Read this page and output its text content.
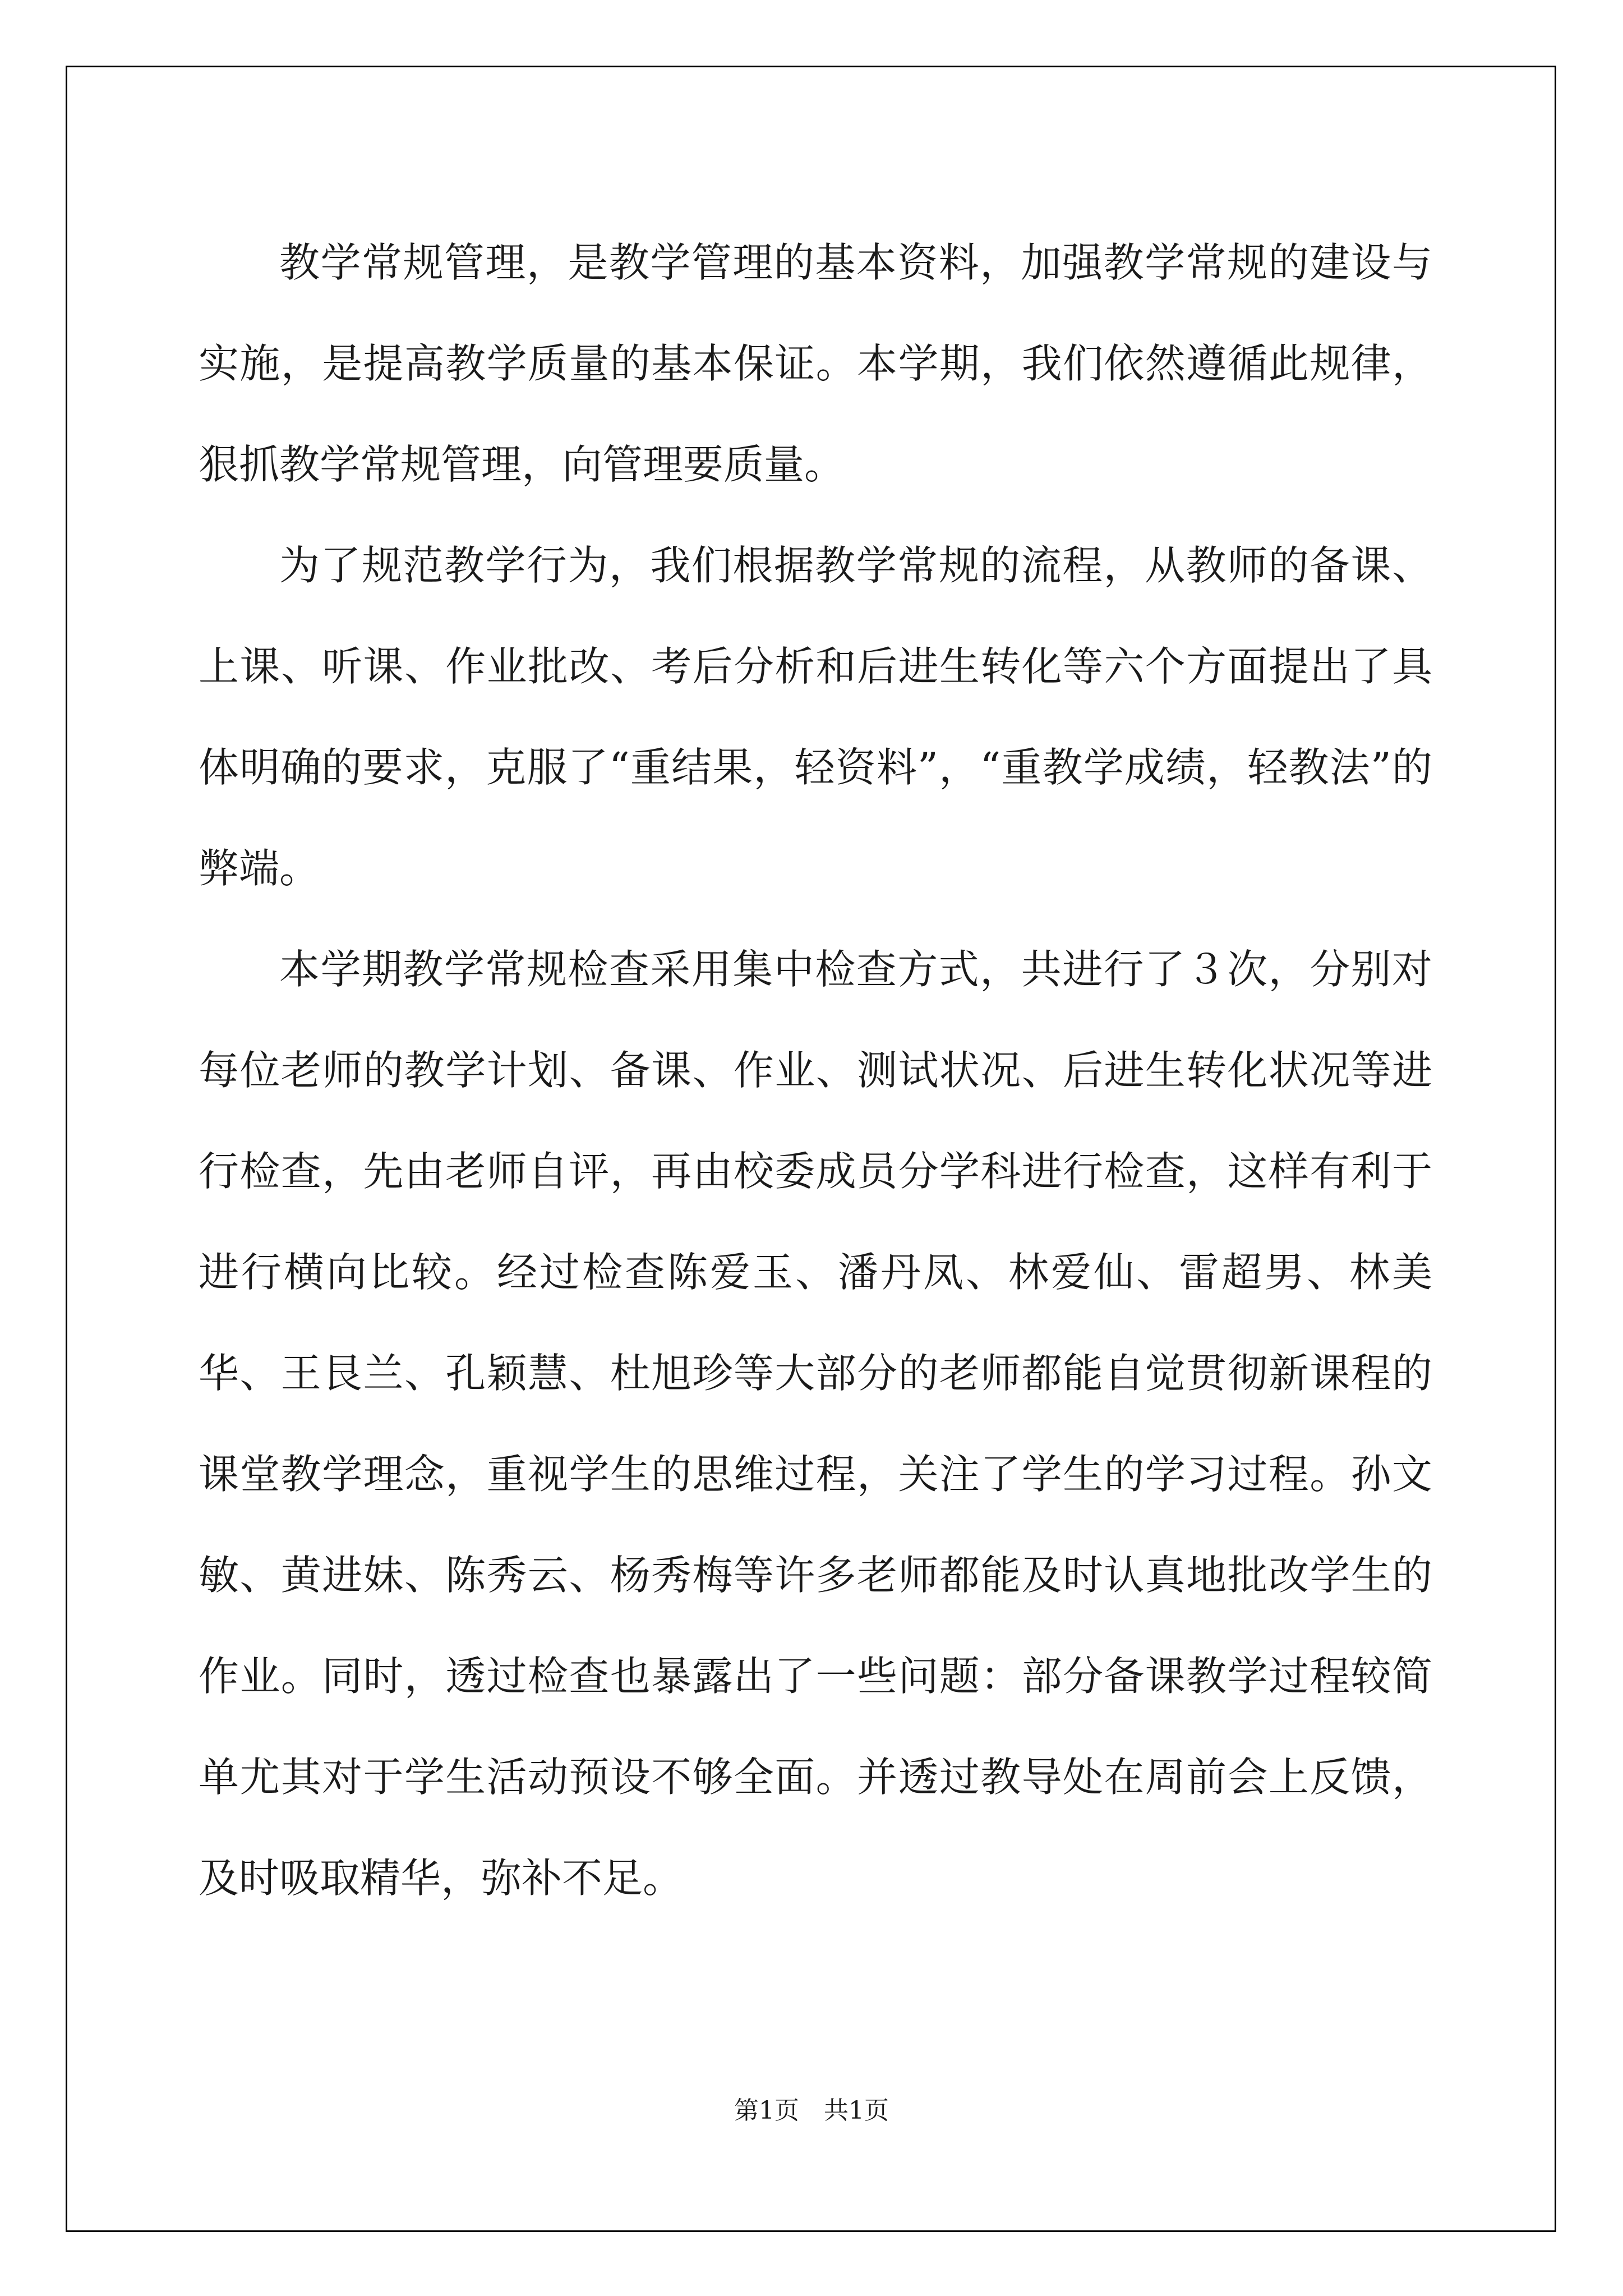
教学常规管理，是教学管理的基本资料，加强教学常规的建设与实施，是提高教学质量的基本保证。本学期，我们依然遵循此规律，狠抓教学常规管理，向管理要质量。

为了规范教学行为，我们根据教学常规的流程，从教师的备课、上课、听课、作业批改、考后分析和后进生转化等六个方面提出了具体明确的要求，克服了“重结果，轻资料”，“重教学成绩，轻教法”的弊端。

本学期教学常规检查采用集中检查方式，共进行了３次，分别对每位老师的教学计划、备课、作业、测试状况、后进生转化状况等进行检查，先由老师自评，再由校委成员分学科进行检查，这样有利于进行横向比较。经过检查陈爱玉、潘丹凤、林爱仙、雷超男、林美华、王艮兰、孔颖慧、杜旭珍等大部分的老师都能自觉贯彻新课程的课堂教学理念，重视学生的思维过程，关注了学生的学习过程。孙文敏、黄进妹、陈秀云、杨秀梅等许多老师都能及时认真地批改学生的作业。同时，透过检查也暴露出了一些问题：部分备课教学过程较简单尤其对于学生活动预设不够全面。并透过教导处在周前会上反馈，及时吸取精华，弥补不足。

第1页 共1页
